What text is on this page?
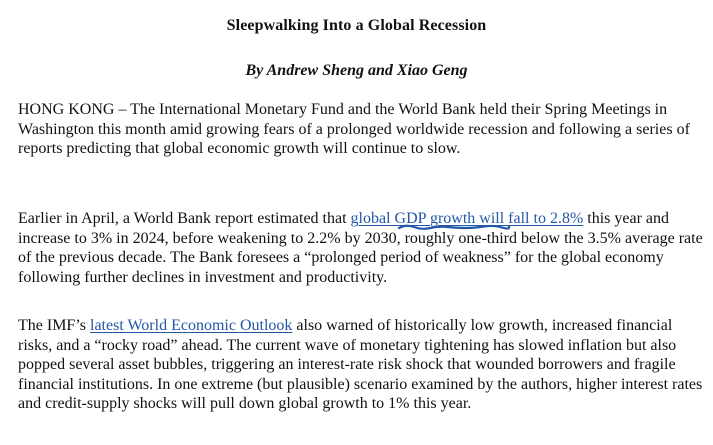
Sleepwalking Into a Global Recession
By Andrew Sheng and Xiao Geng

HONG KONG – The International Monetary Fund and the World Bank held their Spring Meetings in Washington this month amid growing fears of a prolonged worldwide recession and following a series of reports predicting that global economic growth will continue to slow.

Earlier in April, a World Bank report estimated that global GDP growth will fall to 2.8% this year and increase to 3% in 2024, before weakening to 2.2% by 2030, roughly one-third below the 3.5% average rate of the previous decade. The Bank foresees a “prolonged period of weakness” for the global economy following further declines in investment and productivity.

The IMF’s latest World Economic Outlook also warned of historically low growth, increased financial risks, and a “rocky road” ahead. The current wave of monetary tightening has slowed inflation but also popped several asset bubbles, triggering an interest-rate risk shock that wounded borrowers and fragile financial institutions. In one extreme (but plausible) scenario examined by the authors, higher interest rates and credit-supply shocks will pull down global growth to 1% this year.
